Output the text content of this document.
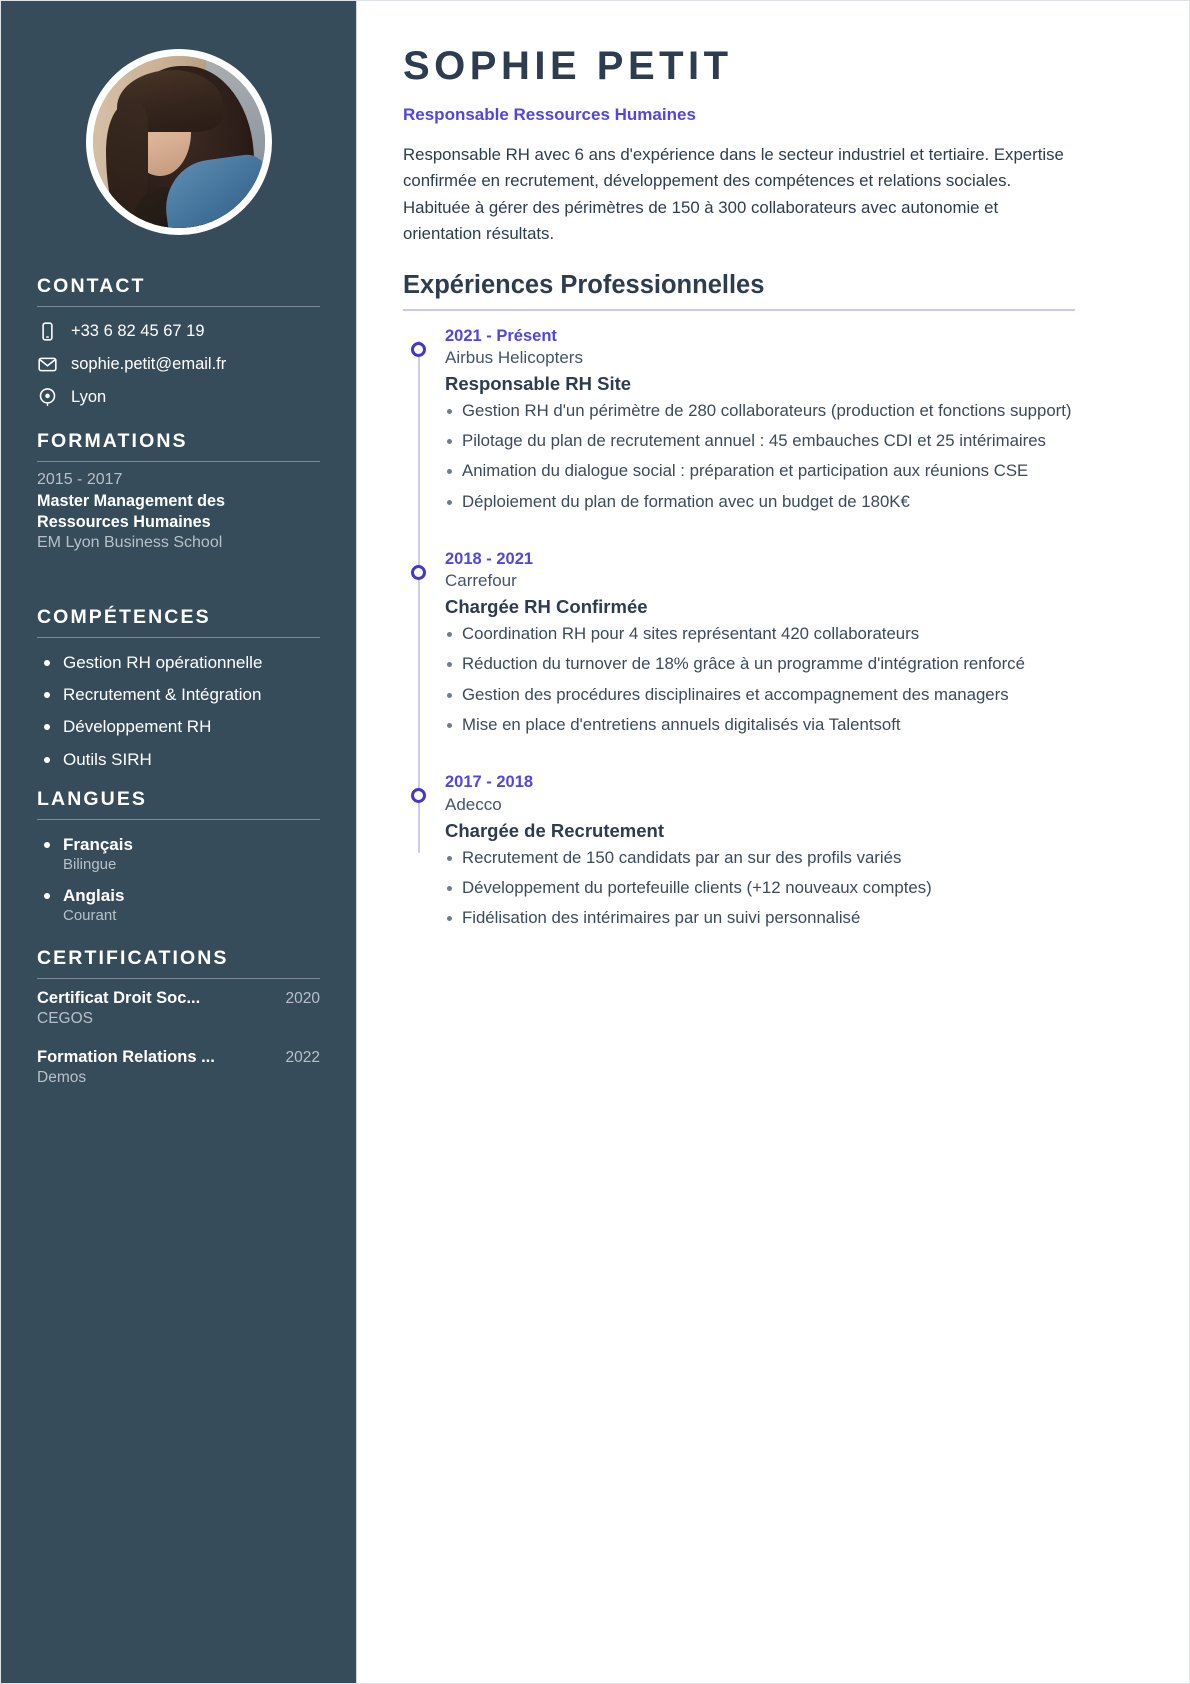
CONTACT
+33 6 82 45 67 19
sophie.petit@email.fr
Lyon
FORMATIONS
2015 - 2017
Master Management des Ressources Humaines
EM Lyon Business School
COMPÉTENCES
Gestion RH opérationnelle
Recrutement & Intégration
Développement RH
Outils SIRH
LANGUES
Français
Bilingue
Anglais
Courant
CERTIFICATIONS
Certificat Droit Soc...	2020
CEGOS
Formation Relations ...	2022
Demos
SOPHIE PETIT
Responsable Ressources Humaines

Responsable RH avec 6 ans d'expérience dans le secteur industriel et tertiaire. Expertise confirmée en recrutement, développement des compétences et relations sociales. Habituée à gérer des périmètres de 150 à 300 collaborateurs avec autonomie et orientation résultats.

Expériences Professionnelles
2021 - Présent
Airbus Helicopters
Responsable RH Site
Gestion RH d'un périmètre de 280 collaborateurs (production et fonctions support)
Pilotage du plan de recrutement annuel : 45 embauches CDI et 25 intérimaires
Animation du dialogue social : préparation et participation aux réunions CSE
Déploiement du plan de formation avec un budget de 180K€
2018 - 2021
Carrefour
Chargée RH Confirmée
Coordination RH pour 4 sites représentant 420 collaborateurs
Réduction du turnover de 18% grâce à un programme d'intégration renforcé
Gestion des procédures disciplinaires et accompagnement des managers
Mise en place d'entretiens annuels digitalisés via Talentsoft
2017 - 2018
Adecco
Chargée de Recrutement
Recrutement de 150 candidats par an sur des profils variés
Développement du portefeuille clients (+12 nouveaux comptes)
Fidélisation des intérimaires par un suivi personnalisé
